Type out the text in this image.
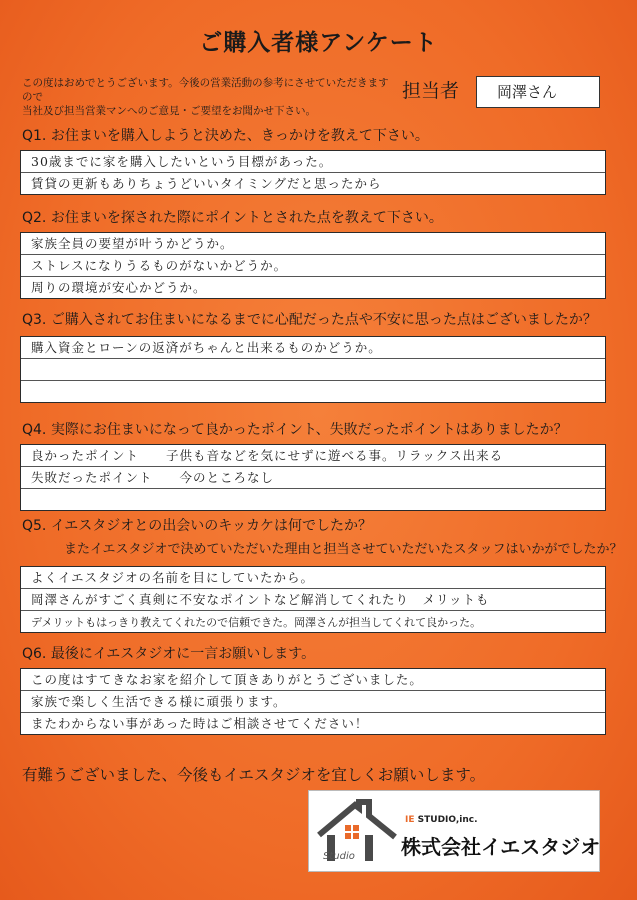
ご購入者様アンケート
この度はおめでとうございます。今後の営業活動の参考にさせていただきますので
当社及び担当営業マンへのご意見・ご要望をお聞かせ下さい。
担当者	岡澤さん
Q1. お住まいを購入しようと決めた、きっかけを教えて下さい。
30歳までに家を購入したいという目標があった。
賃貸の更新もありちょうどいいタイミングだと思ったから
Q2. お住まいを探された際にポイントとされた点を教えて下さい。
家族全員の要望が叶うかどうか。
ストレスになりうるものがないかどうか。
周りの環境が安心かどうか。
Q3. ご購入されてお住まいになるまでに心配だった点や不安に思った点はございましたか？
購入資金とローンの返済がちゃんと出来るものかどうか。
Q4. 実際にお住まいになって良かったポイント、失敗だったポイントはありましたか？
良かったポイント　　子供も音などを気にせずに遊べる事。リラックス出来る
失敗だったポイント　　今のところなし
Q5. イエスタジオとの出会いのキッカケは何でしたか？
またイエスタジオで決めていただいた理由と担当させていただいたスタッフはいかがでしたか？
よくイエスタジオの名前を目にしていたから。
岡澤さんがすごく真剣に不安なポイントなど解消してくれたり　メリットも
デメリットもはっきり教えてくれたので信頼できた。岡澤さんが担当してくれて良かった。
Q6. 最後にイエスタジオに一言お願いします。
この度はすてきなお家を紹介して頂きありがとうございました。
家族で楽しく生活できる様に頑張ります。
またわからない事があった時はご相談させてください！
有難うございました、今後もイエスタジオを宜しくお願いします。
IE STUDIO,inc.
株式会社イエスタジオ
Studio
